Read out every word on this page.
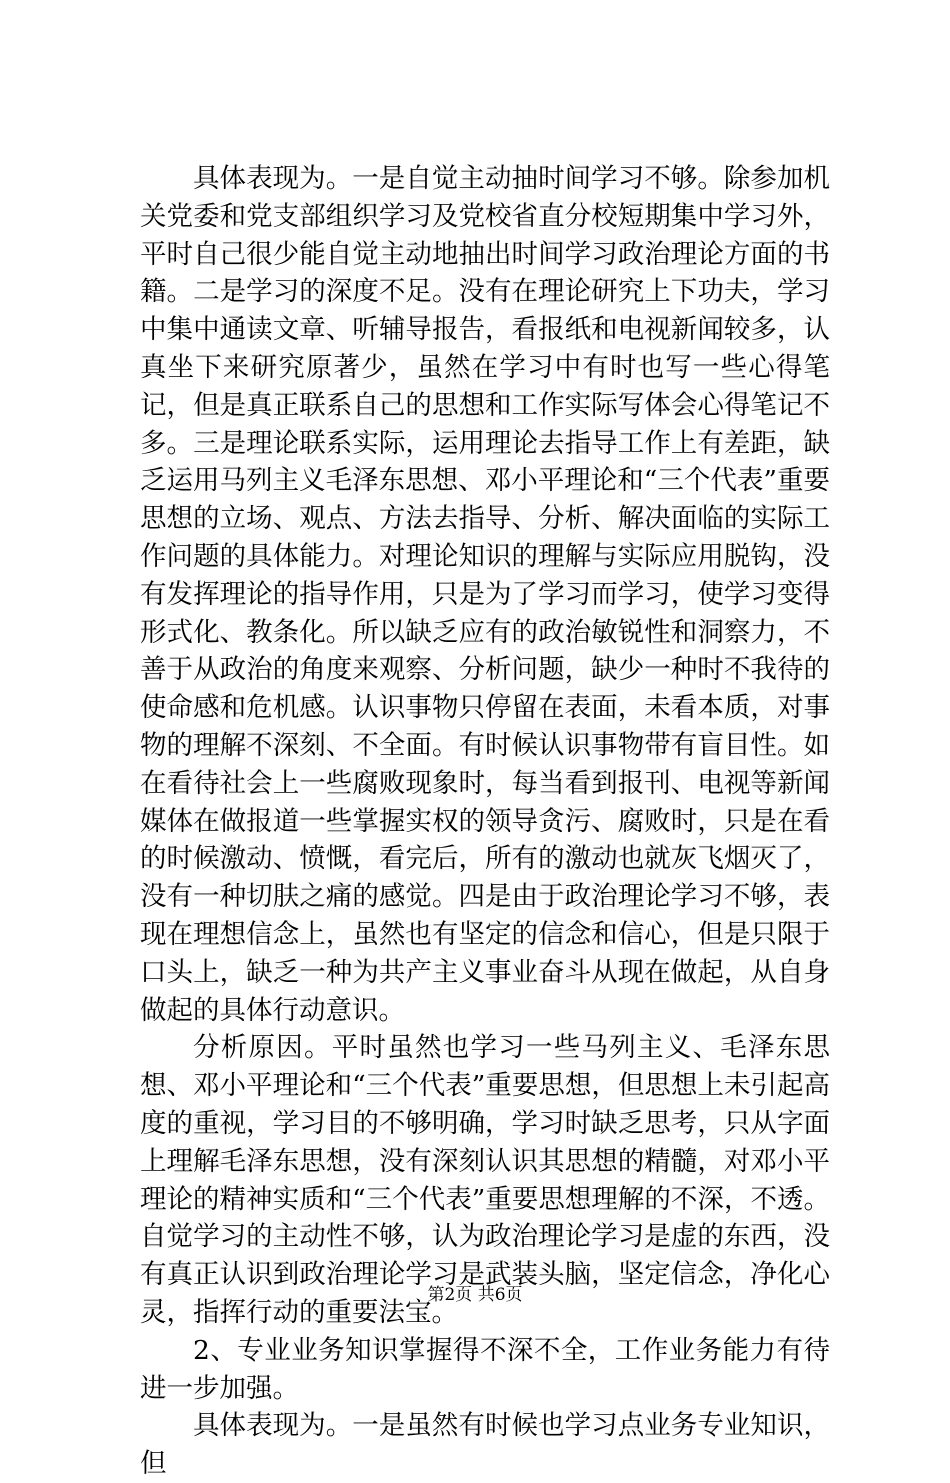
具体表现为。一是自觉主动抽时间学习不够。除参加机关党委和党支部组织学习及党校省直分校短期集中学习外，平时自己很少能自觉主动地抽出时间学习政治理论方面的书籍。二是学习的深度不足。没有在理论研究上下功夫，学习中集中通读文章、听辅导报告，看报纸和电视新闻较多，认真坐下来研究原著少，虽然在学习中有时也写一些心得笔记，但是真正联系自己的思想和工作实际写体会心得笔记不多。三是理论联系实际，运用理论去指导工作上有差距，缺乏运用马列主义毛泽东思想、邓小平理论和“三个代表”重要思想的立场、观点、方法去指导、分析、解决面临的实际工作问题的具体能力。对理论知识的理解与实际应用脱钩，没有发挥理论的指导作用，只是为了学习而学习，使学习变得形式化、教条化。所以缺乏应有的政治敏锐性和洞察力，不善于从政治的角度来观察、分析问题，缺少一种时不我待的使命感和危机感。认识事物只停留在表面，未看本质，对事物的理解不深刻、不全面。有时候认识事物带有盲目性。如在看待社会上一些腐败现象时，每当看到报刊、电视等新闻媒体在做报道一些掌握实权的领导贪污、腐败时，只是在看的时候激动、愤慨，看完后，所有的激动也就灰飞烟灭了，没有一种切肤之痛的感觉。四是由于政治理论学习不够，表现在理想信念上，虽然也有坚定的信念和信心，但是只限于口头上，缺乏一种为共产主义事业奋斗从现在做起，从自身做起的具体行动意识。

分析原因。平时虽然也学习一些马列主义、毛泽东思想、邓小平理论和“三个代表”重要思想，但思想上未引起高度的重视，学习目的不够明确，学习时缺乏思考，只从字面上理解毛泽东思想，没有深刻认识其思想的精髓，对邓小平理论的精神实质和“三个代表”重要思想理解的不深，不透。自觉学习的主动性不够，认为政治理论学习是虚的东西，没有真正认识到政治理论学习是武装头脑，坚定信念，净化心灵，指挥行动的重要法宝。

2、专业业务知识掌握得不深不全，工作业务能力有待进一步加强。

具体表现为。一是虽然有时候也学习点业务专业知识，但

第2页 共6页
